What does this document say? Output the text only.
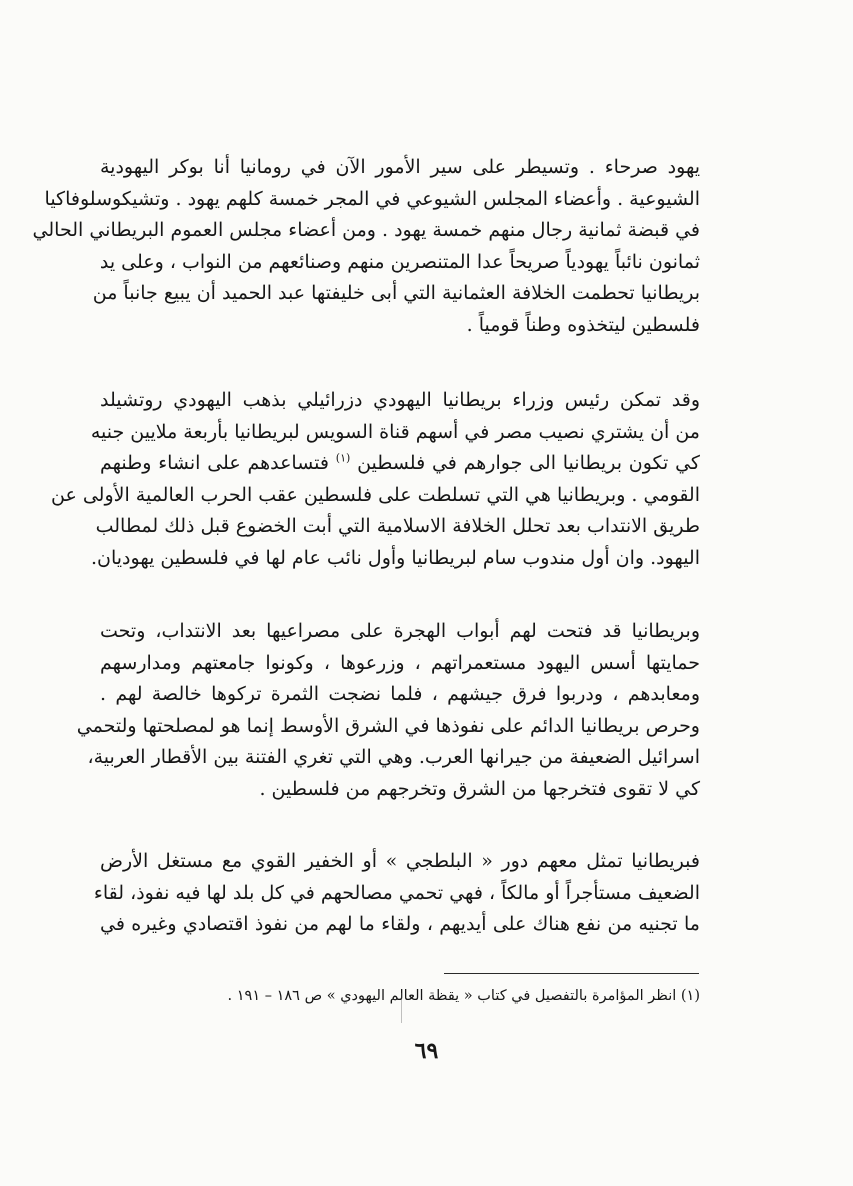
يهود صرحاء . وتسيطر على سير الأمور الآن في رومانيا أنا بوكر اليهودية
الشيوعية . وأعضاء المجلس الشيوعي في المجر خمسة كلهم يهود . وتشيكوسلوفاكيا
في قبضة ثمانية رجال منهم خمسة يهود . ومن أعضاء مجلس العموم البريطاني الحالي
ثمانون نائباً يهودياً صريحاً عدا المتنصرين منهم وصنائعهم من النواب ، وعلى يد
بريطانيا تحطمت الخلافة العثمانية التي أبى خليفتها عبد الحميد أن يبيع جانباً من
فلسطين ليتخذوه وطناً قومياً .
وقد تمكن رئيس وزراء بريطانيا اليهودي دزرائيلي بذهب اليهودي روتشيلد
من أن يشتري نصيب مصر في أسهم قناة السويس لبريطانيا بأربعة ملايين جنيه
كي تكون بريطانيا الى جوارهم في فلسطين $^{(١)}$ فتساعدهم على انشاء وطنهم
القومي . وبريطانيا هي التي تسلطت على فلسطين عقب الحرب العالمية الأولى عن
طريق الانتداب بعد تحلل الخلافة الاسلامية التي أبت الخضوع قبل ذلك لمطالب
اليهود. وان أول مندوب سام لبريطانيا وأول نائب عام لها في فلسطين يهوديان.
وبريطانيا قد فتحت لهم أبواب الهجرة على مصراعيها بعد الانتداب، وتحت
حمايتها أسس اليهود مستعمراتهم ، وزرعوها ، وكونوا جامعتهم ومدارسهم
ومعابدهم ، ودربوا فرق جيشهم ، فلما نضجت الثمرة تركوها خالصة لهم .
وحرص بريطانيا الدائم على نفوذها في الشرق الأوسط إنما هو لمصلحتها ولتحمي
اسرائيل الضعيفة من جيرانها العرب. وهي التي تغري الفتنة بين الأقطار العربية،
كي لا تقوى فتخرجها من الشرق وتخرجهم من فلسطين .
فبريطانيا تمثل معهم دور « البلطجي » أو الخفير القوي مع مستغل الأرض
الضعيف مستأجراً أو مالكاً ، فهي تحمي مصالحهم في كل بلد لها فيه نفوذ، لقاء
ما تجنيه من نفع هناك على أيديهم ، ولقاء ما لهم من نفوذ اقتصادي وغيره في
(١) انظر المؤامرة بالتفصيل في كتاب « يقظة العالم اليهودي » ص ١٨٦ – ١٩١ .
٦٩
